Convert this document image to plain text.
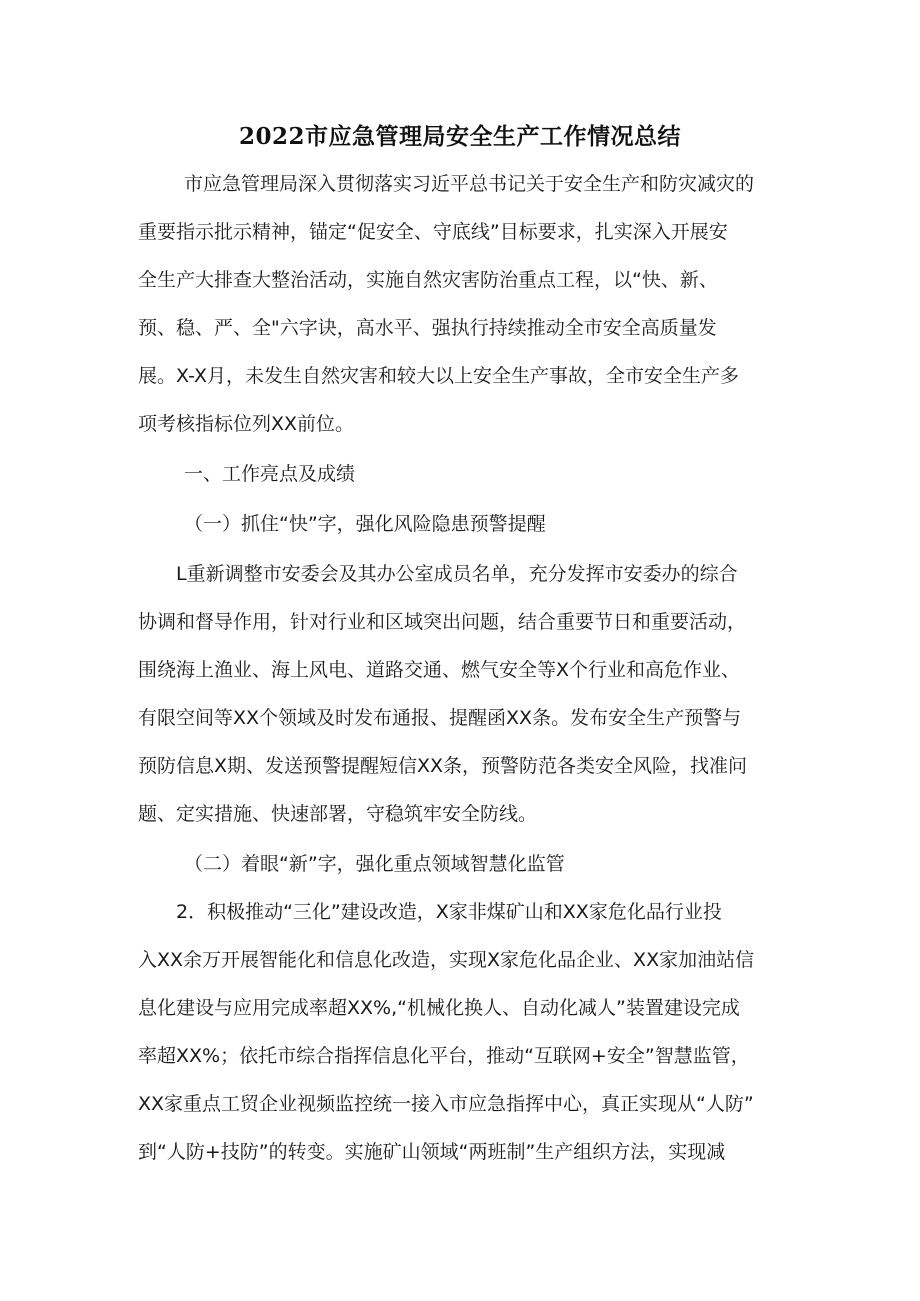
2022市应急管理局安全生产工作情况总结
市应急管理局深入贯彻落实习近平总书记关于安全生产和防灾减灾的
重要指示批示精神，锚定“促安全、守底线”目标要求，扎实深入开展安
全生产大排查大整治活动，实施自然灾害防治重点工程，以“快、新、
预、稳、严、全"六字诀，高水平、强执行持续推动全市安全高质量发
展。X-X月，未发生自然灾害和较大以上安全生产事故，全市安全生产多
项考核指标位列XX前位。
一、工作亮点及成绩
（一）抓住“快”字，强化风险隐患预警提醒
L重新调整市安委会及其办公室成员名单，充分发挥市安委办的综合
协调和督导作用，针对行业和区域突出问题，结合重要节日和重要活动，
围绕海上渔业、海上风电、道路交通、燃气安全等X个行业和高危作业、
有限空间等XX个领域及时发布通报、提醒函XX条。发布安全生产预警与
预防信息X期、发送预警提醒短信XX条，预警防范各类安全风险，找准问
题、定实措施、快速部署，守稳筑牢安全防线。
（二）着眼“新”字，强化重点领域智慧化监管
2．积极推动“三化”建设改造，X家非煤矿山和XX家危化品行业投
入XX余万开展智能化和信息化改造，实现X家危化品企业、XX家加油站信
息化建设与应用完成率超XX%,“机械化换人、自动化减人”装置建设完成
率超XX%；依托市综合指挥信息化平台，推动“互联网+安全”智慧监管，
XX家重点工贸企业视频监控统一接入市应急指挥中心，真正实现从“人防”
到“人防+技防”的转变。实施矿山领域“两班制”生产组织方法，实现减
